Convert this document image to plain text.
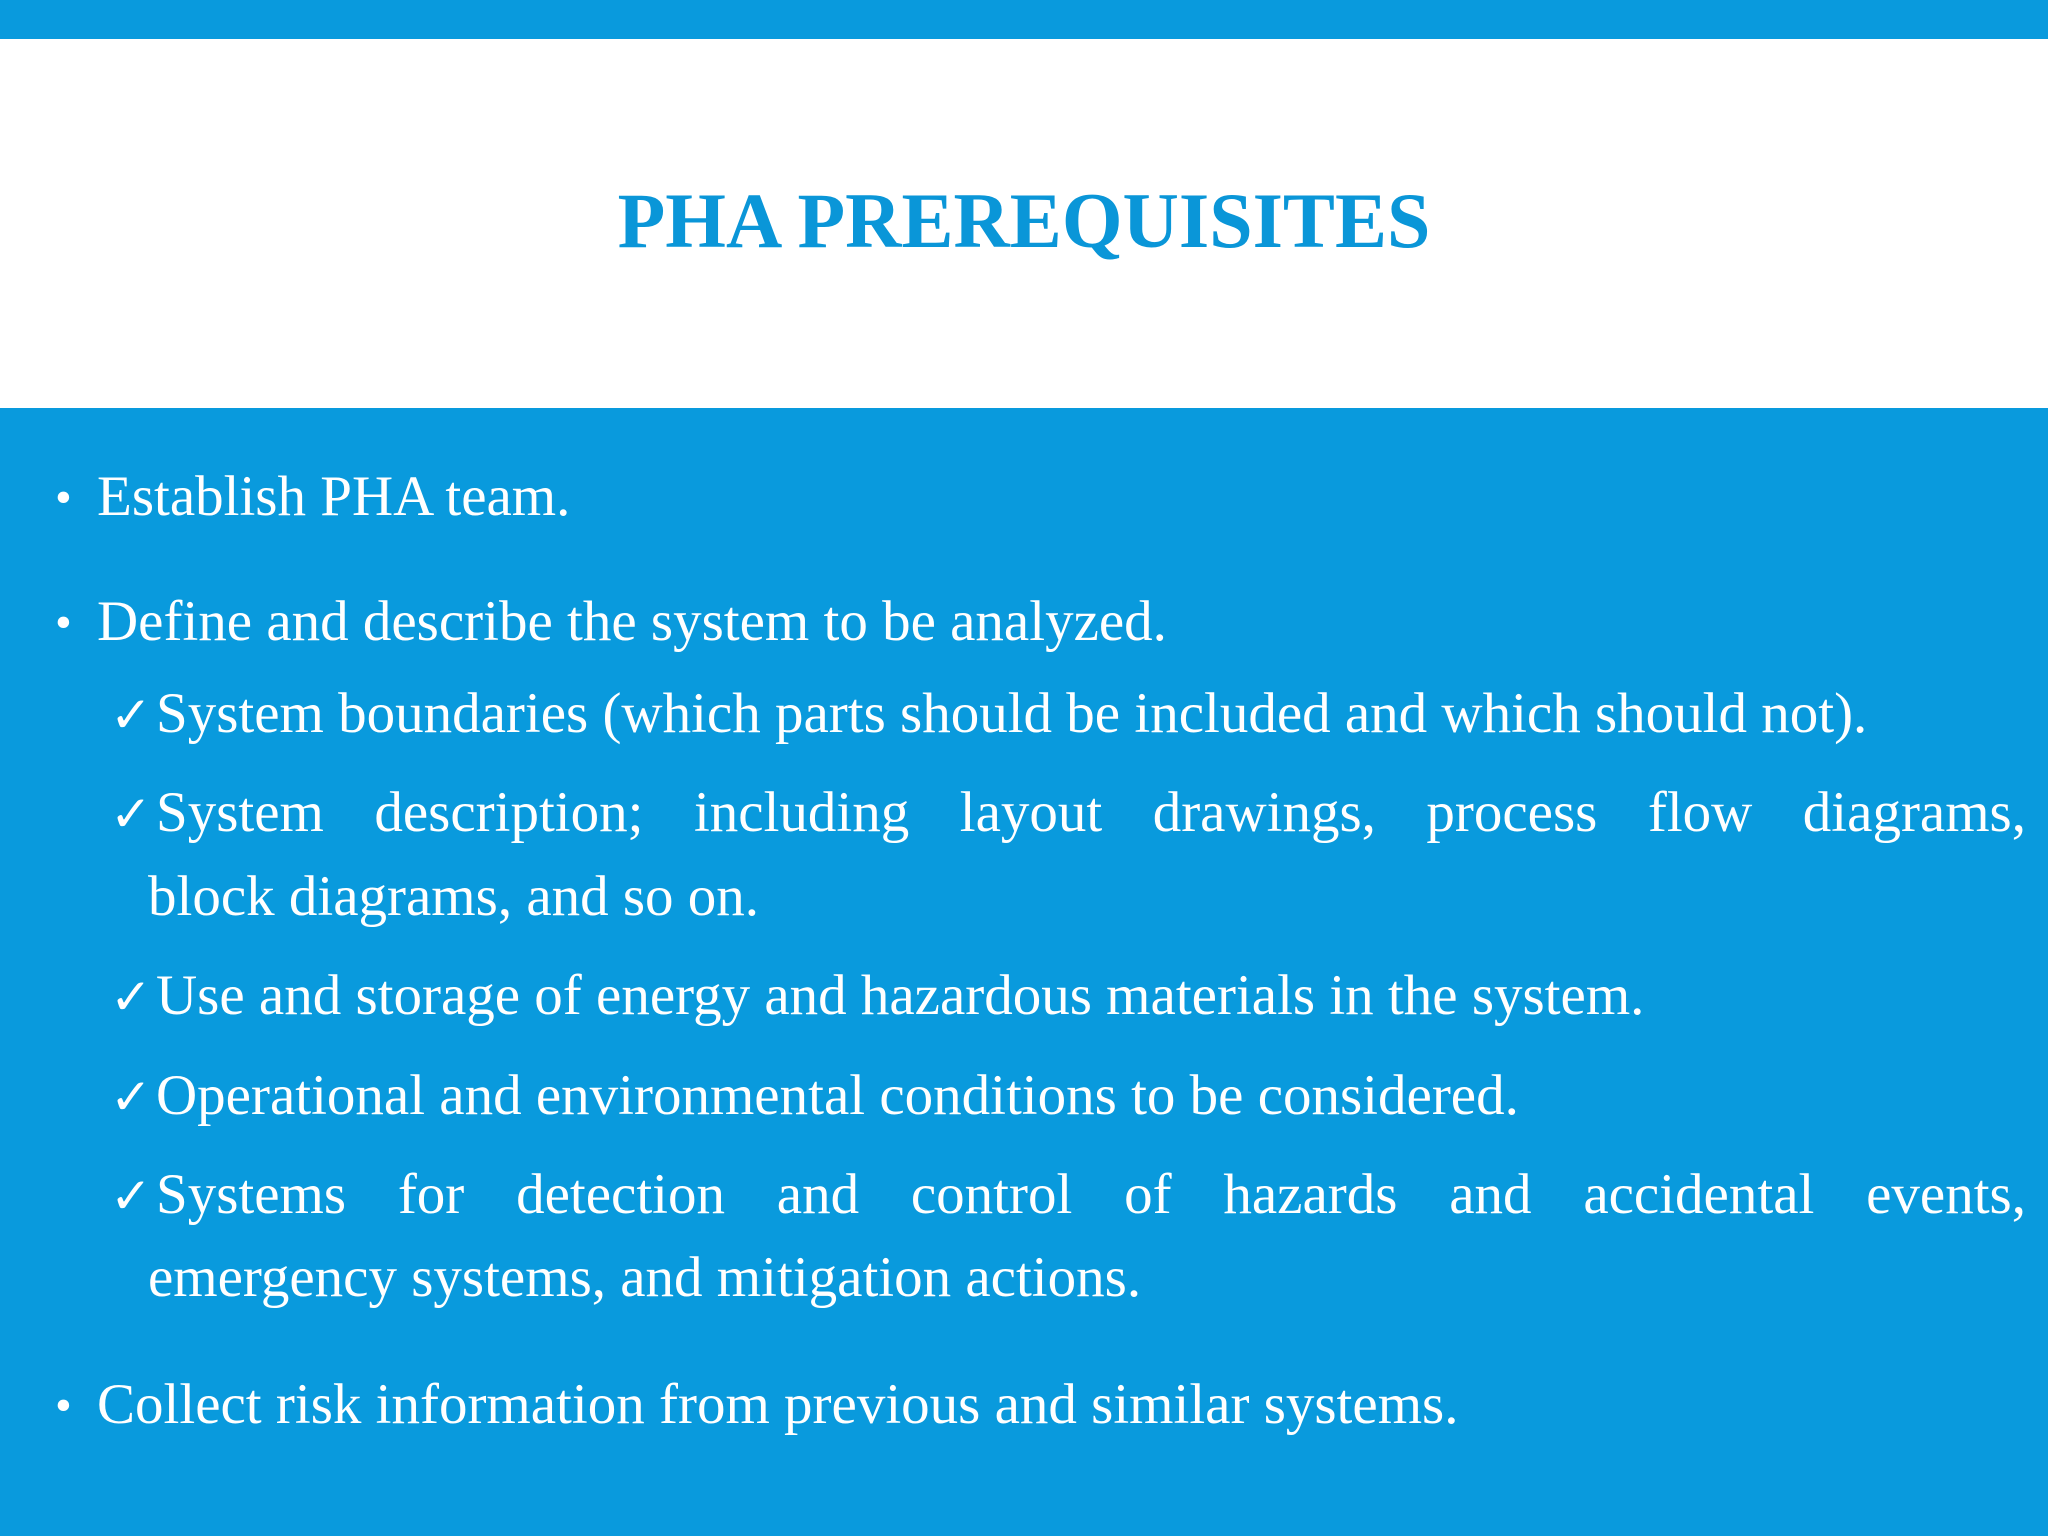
PHA PREREQUISITES
• Establish PHA team.
• Define and describe the system to be analyzed.
✓ System boundaries (which parts should be included and which should not).
✓ System description; including layout drawings, process flow diagrams,
block diagrams, and so on.
✓ Use and storage of energy and hazardous materials in the system.
✓ Operational and environmental conditions to be considered.
✓ Systems for detection and control of hazards and accidental events,
emergency systems, and mitigation actions.
• Collect risk information from previous and similar systems.
